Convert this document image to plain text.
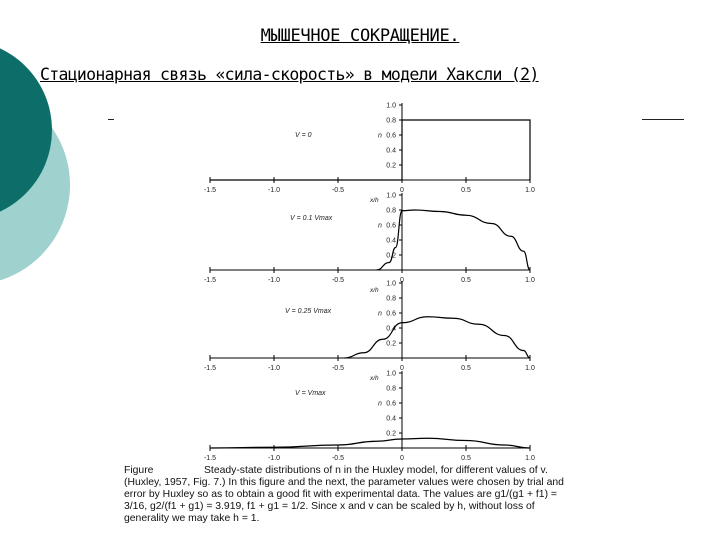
МЫШЕЧНОЕ СОКРАЩЕНИЕ.
Стационарная связь «сила-скорость» в модели Хаксли (2)
-1.5	-1.0	-0.5	0	0.5	1.0
1.0
0.8
0.6
0.4
0.2
x/h
n
V = 0
-1.5	-1.0	-0.5	0	0.5	1.0
1.0
0.8
0.6
0.4
0.2
x/h
n
V = 0.1 Vmax
-1.5	-1.0	-0.5	0	0.5	1.0
1.0
0.8
0.6
0.4
0.2
x/h
n
V = 0.25 Vmax
-1.5	-1.0	-0.5	0	0.5	1.0
1.0
0.8
0.6
0.4
0.2
n
V = Vmax
Figure	Steady-state distributions of n in the Huxley model, for different values of v.
(Huxley, 1957, Fig. 7.) In this figure and the next, the parameter values were chosen by trial and
error by Huxley so as to obtain a good fit with experimental data. The values are g1/(g1 + f1) =
3/16, g2/(f1 + g1) = 3.919, f1 + g1 = 1/2. Since x and v can be scaled by h, without loss of
generality we may take h = 1.
